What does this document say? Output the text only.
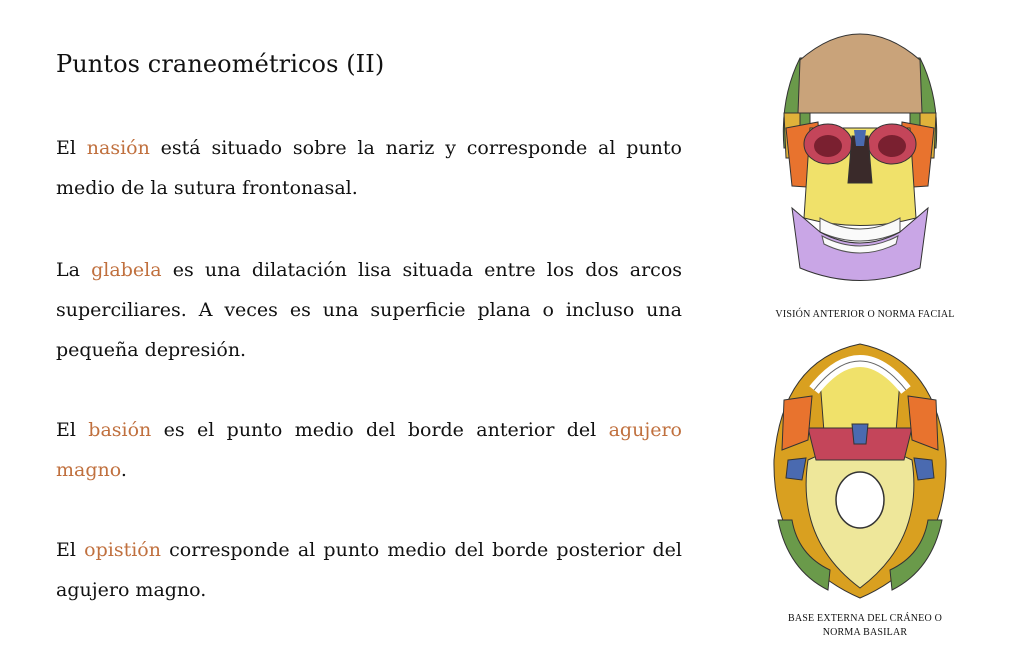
Puntos craneométricos (II)

El nasión está situado sobre la nariz y corresponde al punto medio de la sutura frontonasal.

La glabela es una dilatación lisa situada entre los dos arcos superciliares. A veces es una superficie plana o incluso una pequeña depresión.

El basión es el punto medio del borde anterior del agujero magno.

El opistión corresponde al punto medio del borde posterior del agujero magno.

VISIÓN ANTERIOR O NORMA FACIAL
BASE EXTERNA DEL CRÁNEO O
NORMA BASILAR
